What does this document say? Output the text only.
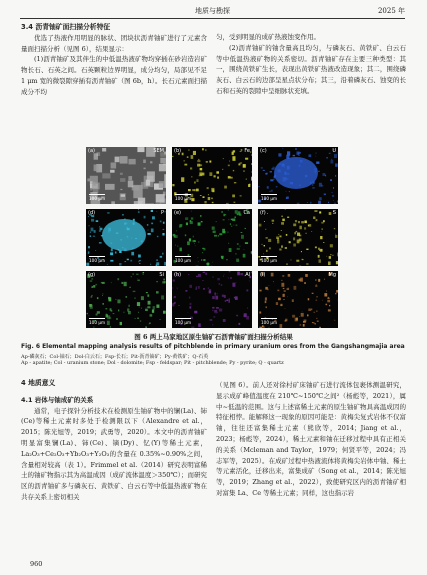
地质与勘探	2025 年

3.4 沥青铀矿面扫描分析特征

优选了热液作用明显的脉状、团块状沥青铀矿进行了元素含量面扫描分析（见图 6），结果显示：

(1)沥青铀矿及其伴生的中低温热液矿物均穿插在砂岩造岩矿物长石、石英之间。石英颗粒边界明显，成分均匀，局部见不足 1 μm 宽的微裂隙穿插有沥青铀矿（图 6b，h）。长石元素面扫描成分不均

匀，受到明显的成矿热液蚀变作用。

(2)沥青铀矿的铀含量高且均匀，与磷灰石、黄铁矿、白云石等中低温热液矿物的关系密切。沥青铀矿存在主要三种类型：其一，围绕黄铁矿生长，表现出黄铁矿热液改造现象；其二，围绕磷灰石、白云石的边部呈星点状分布；其三，沿着磷灰石、蚀变的长石和石英的裂隙中呈细脉状充填。

(a)	SEM
100 μm
(b)	Fe
100 μm
(c)	U
100 μm
(d)	P
100 μm
(e)	Ca
100 μm
(f)	S
100 μm
(g)	Si
100 μm
(h)	Al
100 μm
(i)	Mg
100 μm

图 6 两上马家地区原生铀矿石沥青铀矿面扫描分析结果

Fig. 6 Elemental mapping analysis results of pitchblende in primary uranium ores from the Gangshangmajia area

Ap-磷灰石；Col-铀石；Dol-白云石；Fsp-长石；Pit-沥青铀矿；Py-黄铁矿；Q-石英
Ap - apatite; Col - uranium stone; Dol - dolomite; Fsp - feldspar; Pit - pitchblende; Py - pyrite; Q - quartz

4 地质意义

4.1 岩体与铀成矿的关系

通常，电子探针分析技术在检测原生铀矿物中的镧(La)、铈(Ce)等稀土元素时多处于检测限以下（Alexandre et al.，2015；陈光旭等，2019；武勇等，2020）。本文中的沥青铀矿明显富集镧(La)、铈(Ce)、镝(Dy)、钇(Y)等稀土元素，La₂O₃+Ce₂O₃+Yb₂O₃+Y₂O₃的含量在 0.35%~0.90%之间，含量相对较高（表 1）。Frimmel et al.（2014）研究表明富稀土的铀矿物指示其为高温成因（成矿流体温度＞350℃）；而研究区的沥青铀矿多与磷灰石、黄铁矿、白云石等中低温热液矿物在共存关系上密切相关

（见图 6）。前人还对徐村矿床铀矿石进行流体包裹体测温研究，显示成矿峰值温度在 210℃~150℃之间²（杨彪等，2021），属中~低温的范围。这与上述富稀土元素的原生铀矿物具高温成因的特征相悖。能解释这一现象的原因可能是：黄梅尖复式岩体不仅富铀，往往还富集稀土元素（熊欣等，2014；Jiang et al.，2023；杨彪等，2024），稀土元素和铀在迁移过程中具有正相关的关系（Mcleman and Taylor，1979；何贤平等，2024；冯志军等，2025）。在成矿过程中热液流体将黄梅尖岩体中铀、稀土等元素活化，迁移出来，富集成矿（Song et al.，2014；陈光旭等，2019；Zhang et al.，2022），致使研究区内的沥青铀矿相对富集 La、Ce 等稀土元素；同样，这也指示岩

960
